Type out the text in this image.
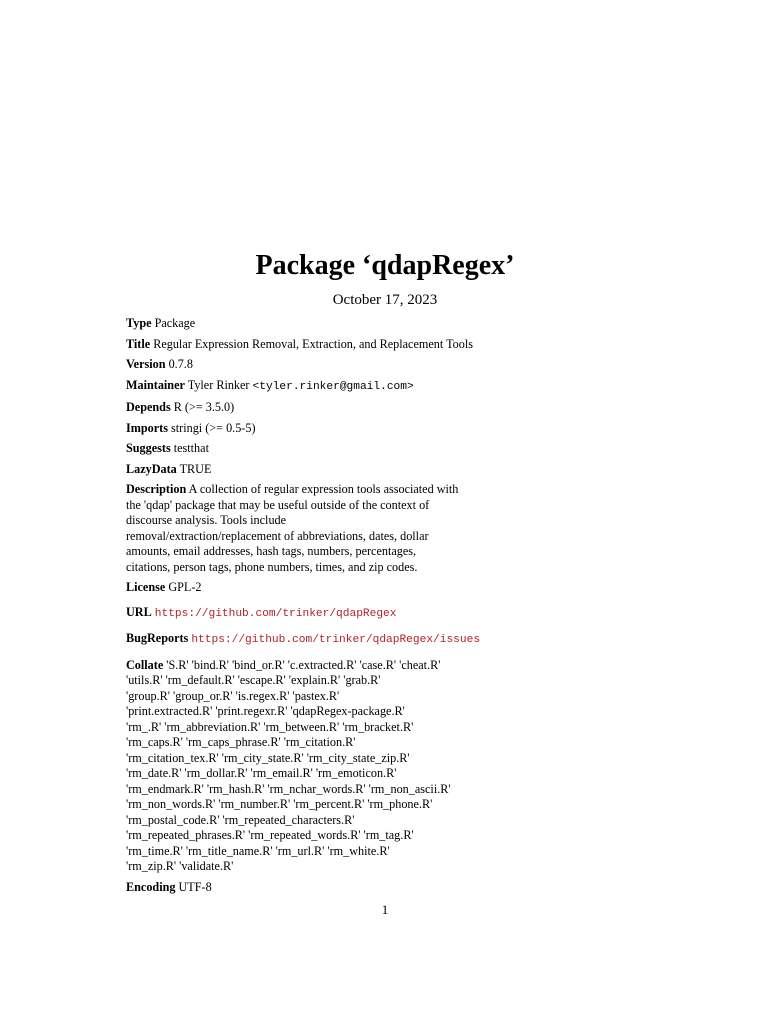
Package ‘qdapRegex’
October 17, 2023
Type Package
Title Regular Expression Removal, Extraction, and Replacement Tools
Version 0.7.8
Maintainer Tyler Rinker <tyler.rinker@gmail.com>
Depends R (>= 3.5.0)
Imports stringi (>= 0.5-5)
Suggests testthat
LazyData TRUE
Description A collection of regular expression tools associated with
the 'qdap' package that may be useful outside of the context of
discourse analysis. Tools include
removal/extraction/replacement of abbreviations, dates, dollar
amounts, email addresses, hash tags, numbers, percentages,
citations, person tags, phone numbers, times, and zip codes.
License GPL-2
URL https://github.com/trinker/qdapRegex
BugReports https://github.com/trinker/qdapRegex/issues
Collate 'S.R' 'bind.R' 'bind_or.R' 'c.extracted.R' 'case.R' 'cheat.R'
'utils.R' 'rm_default.R' 'escape.R' 'explain.R' 'grab.R'
'group.R' 'group_or.R' 'is.regex.R' 'pastex.R'
'print.extracted.R' 'print.regexr.R' 'qdapRegex-package.R'
'rm_.R' 'rm_abbreviation.R' 'rm_between.R' 'rm_bracket.R'
'rm_caps.R' 'rm_caps_phrase.R' 'rm_citation.R'
'rm_citation_tex.R' 'rm_city_state.R' 'rm_city_state_zip.R'
'rm_date.R' 'rm_dollar.R' 'rm_email.R' 'rm_emoticon.R'
'rm_endmark.R' 'rm_hash.R' 'rm_nchar_words.R' 'rm_non_ascii.R'
'rm_non_words.R' 'rm_number.R' 'rm_percent.R' 'rm_phone.R'
'rm_postal_code.R' 'rm_repeated_characters.R'
'rm_repeated_phrases.R' 'rm_repeated_words.R' 'rm_tag.R'
'rm_time.R' 'rm_title_name.R' 'rm_url.R' 'rm_white.R'
'rm_zip.R' 'validate.R'
Encoding UTF-8
1
